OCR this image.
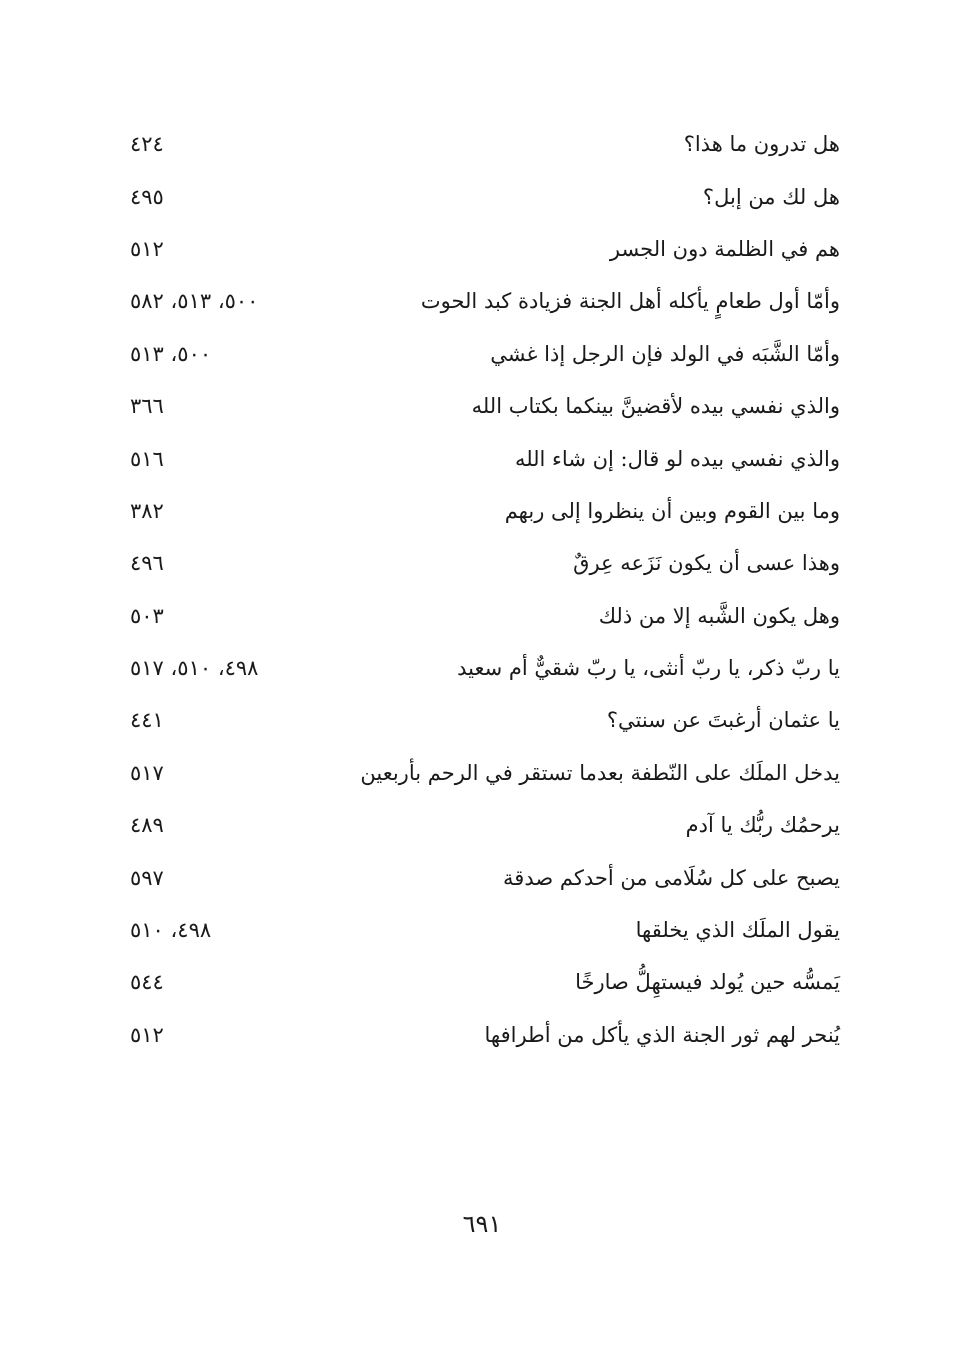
هل تدرون ما هذا؟
٤٢٤
هل لك من إبل؟
٤٩٥
هم في الظلمة دون الجسر
٥١٢
وأمّا أول طعامٍ يأكله أهل الجنة فزيادة كبد الحوت
٥٠٠، ٥١٣، ٥٨٢
وأمّا الشَّبَه في الولد فإن الرجل إذا غشي
٥٠٠، ٥١٣
والذي نفسي بيده لأقضينَّ بينكما بكتاب الله
٣٦٦
والذي نفسي بيده لو قال: إن شاء الله
٥١٦
وما بين القوم وبين أن ينظروا إلى ربهم
٣٨٢
وهذا عسى أن يكون نَزَعه عِرقٌ
٤٩٦
وهل يكون الشَّبه إلا من ذلك
٥٠٣
يا ربّ ذكر، يا ربّ أنثى، يا ربّ شقيٌّ أم سعيد
٤٩٨، ٥١٠، ٥١٧
يا عثمان أرغبتَ عن سنتي؟
٤٤١
يدخل الملَك على النّطفة بعدما تستقر في الرحم بأربعين
٥١٧
يرحمُك ربُّك يا آدم
٤٨٩
يصبح على كل سُلَامى من أحدكم صدقة
٥٩٧
يقول الملَك الذي يخلقها
٤٩٨، ٥١٠
يَمسُّه حين يُولد فيستهِلُّ صارخًا
٥٤٤
يُنحر لهم ثور الجنة الذي يأكل من أطرافها
٥١٢
٦٩١
